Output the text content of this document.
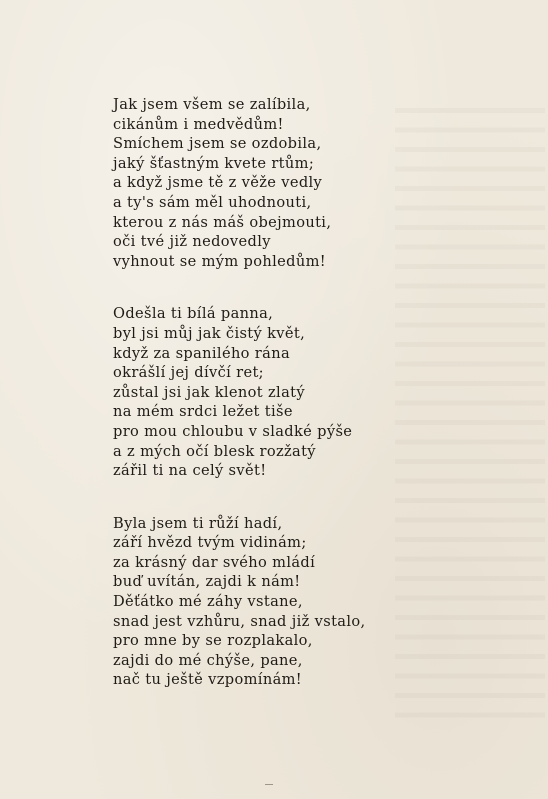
Jak jsem všem se zalíbila,
cikánům i medvědům!
Smíchem jsem se ozdobila,
jaký šťastným kvete rtům;
a když jsme tě z věže vedly
a ty's sám měl uhodnouti,
kterou z nás máš obejmouti,
oči tvé již nedovedly
vyhnout se mým pohledům!
Odešla ti bílá panna,
byl jsi můj jak čistý květ,
když za spanilého rána
okrášlí jej dívčí ret;
zůstal jsi jak klenot zlatý
na mém srdci ležet tiše
pro mou chloubu v sladké pýše
a z mých očí blesk rozžatý
zářil ti na celý svět!
Byla jsem ti růží hadí,
září hvězd tvým vidinám;
za krásný dar svého mládí
buď uvítán, zajdi k nám!
Děťátko mé záhy vstane,
snad jest vzhůru, snad již vstalo,
pro mne by se rozplakalo,
zajdi do mé chýše, pane,
nač tu ještě vzpomínám!
